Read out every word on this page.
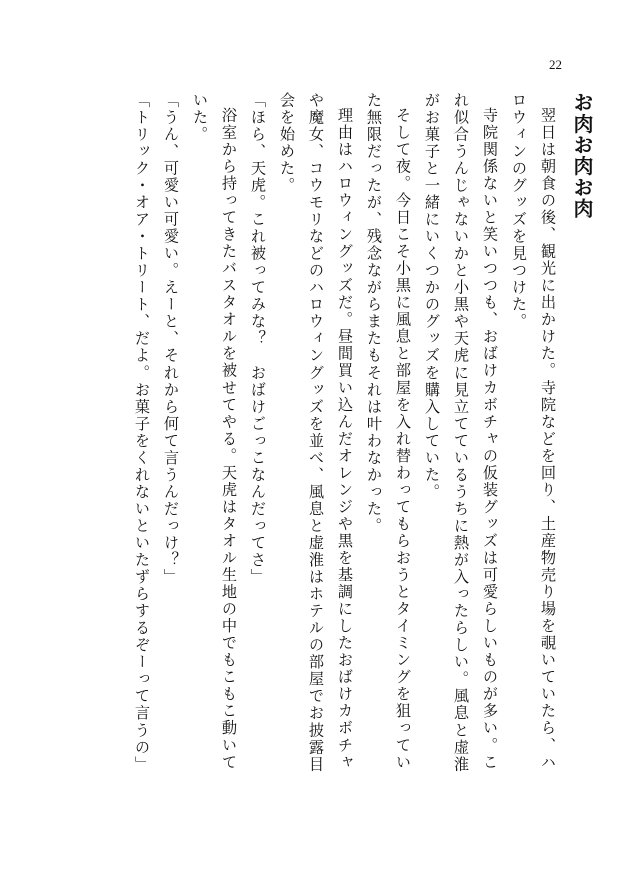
22
お肉お肉お肉

翌日は朝食の後、観光に出かけた。寺院などを回り、土産物売り場を覗いていたら、ハ

ロウィンのグッズを見つけた。

寺院関係ないと笑いつつも、おばけカボチャの仮装グッズは可愛らしいものが多い。こ

れ似合うんじゃないかと小黒や天虎に見立てているうちに熱が入ったらしい。風息と虚淮

がお菓子と一緒にいくつかのグッズを購入していた。

そして夜。今日こそ小黒に風息と部屋を入れ替わってもらおうとタイミングを狙ってい

た無限だったが、残念ながらまたもそれは叶わなかった。

理由はハロウィングッズだ。昼間買い込んだオレンジや黒を基調にしたおばけカボチャ

や魔女、コウモリなどのハロウィングッズを並べ、風息と虚淮はホテルの部屋でお披露目

会を始めた。

「ほら、天虎。これ被ってみな？　おばけごっこなんだってさ」

浴室から持ってきたバスタオルを被せてやる。天虎はタオル生地の中でもこもこ動いて

いた。

「うん、可愛い可愛い。えーと、それから何て言うんだっけ？」

「トリック・オア・トリート、だよ。お菓子をくれないといたずらするぞーって言うの」
